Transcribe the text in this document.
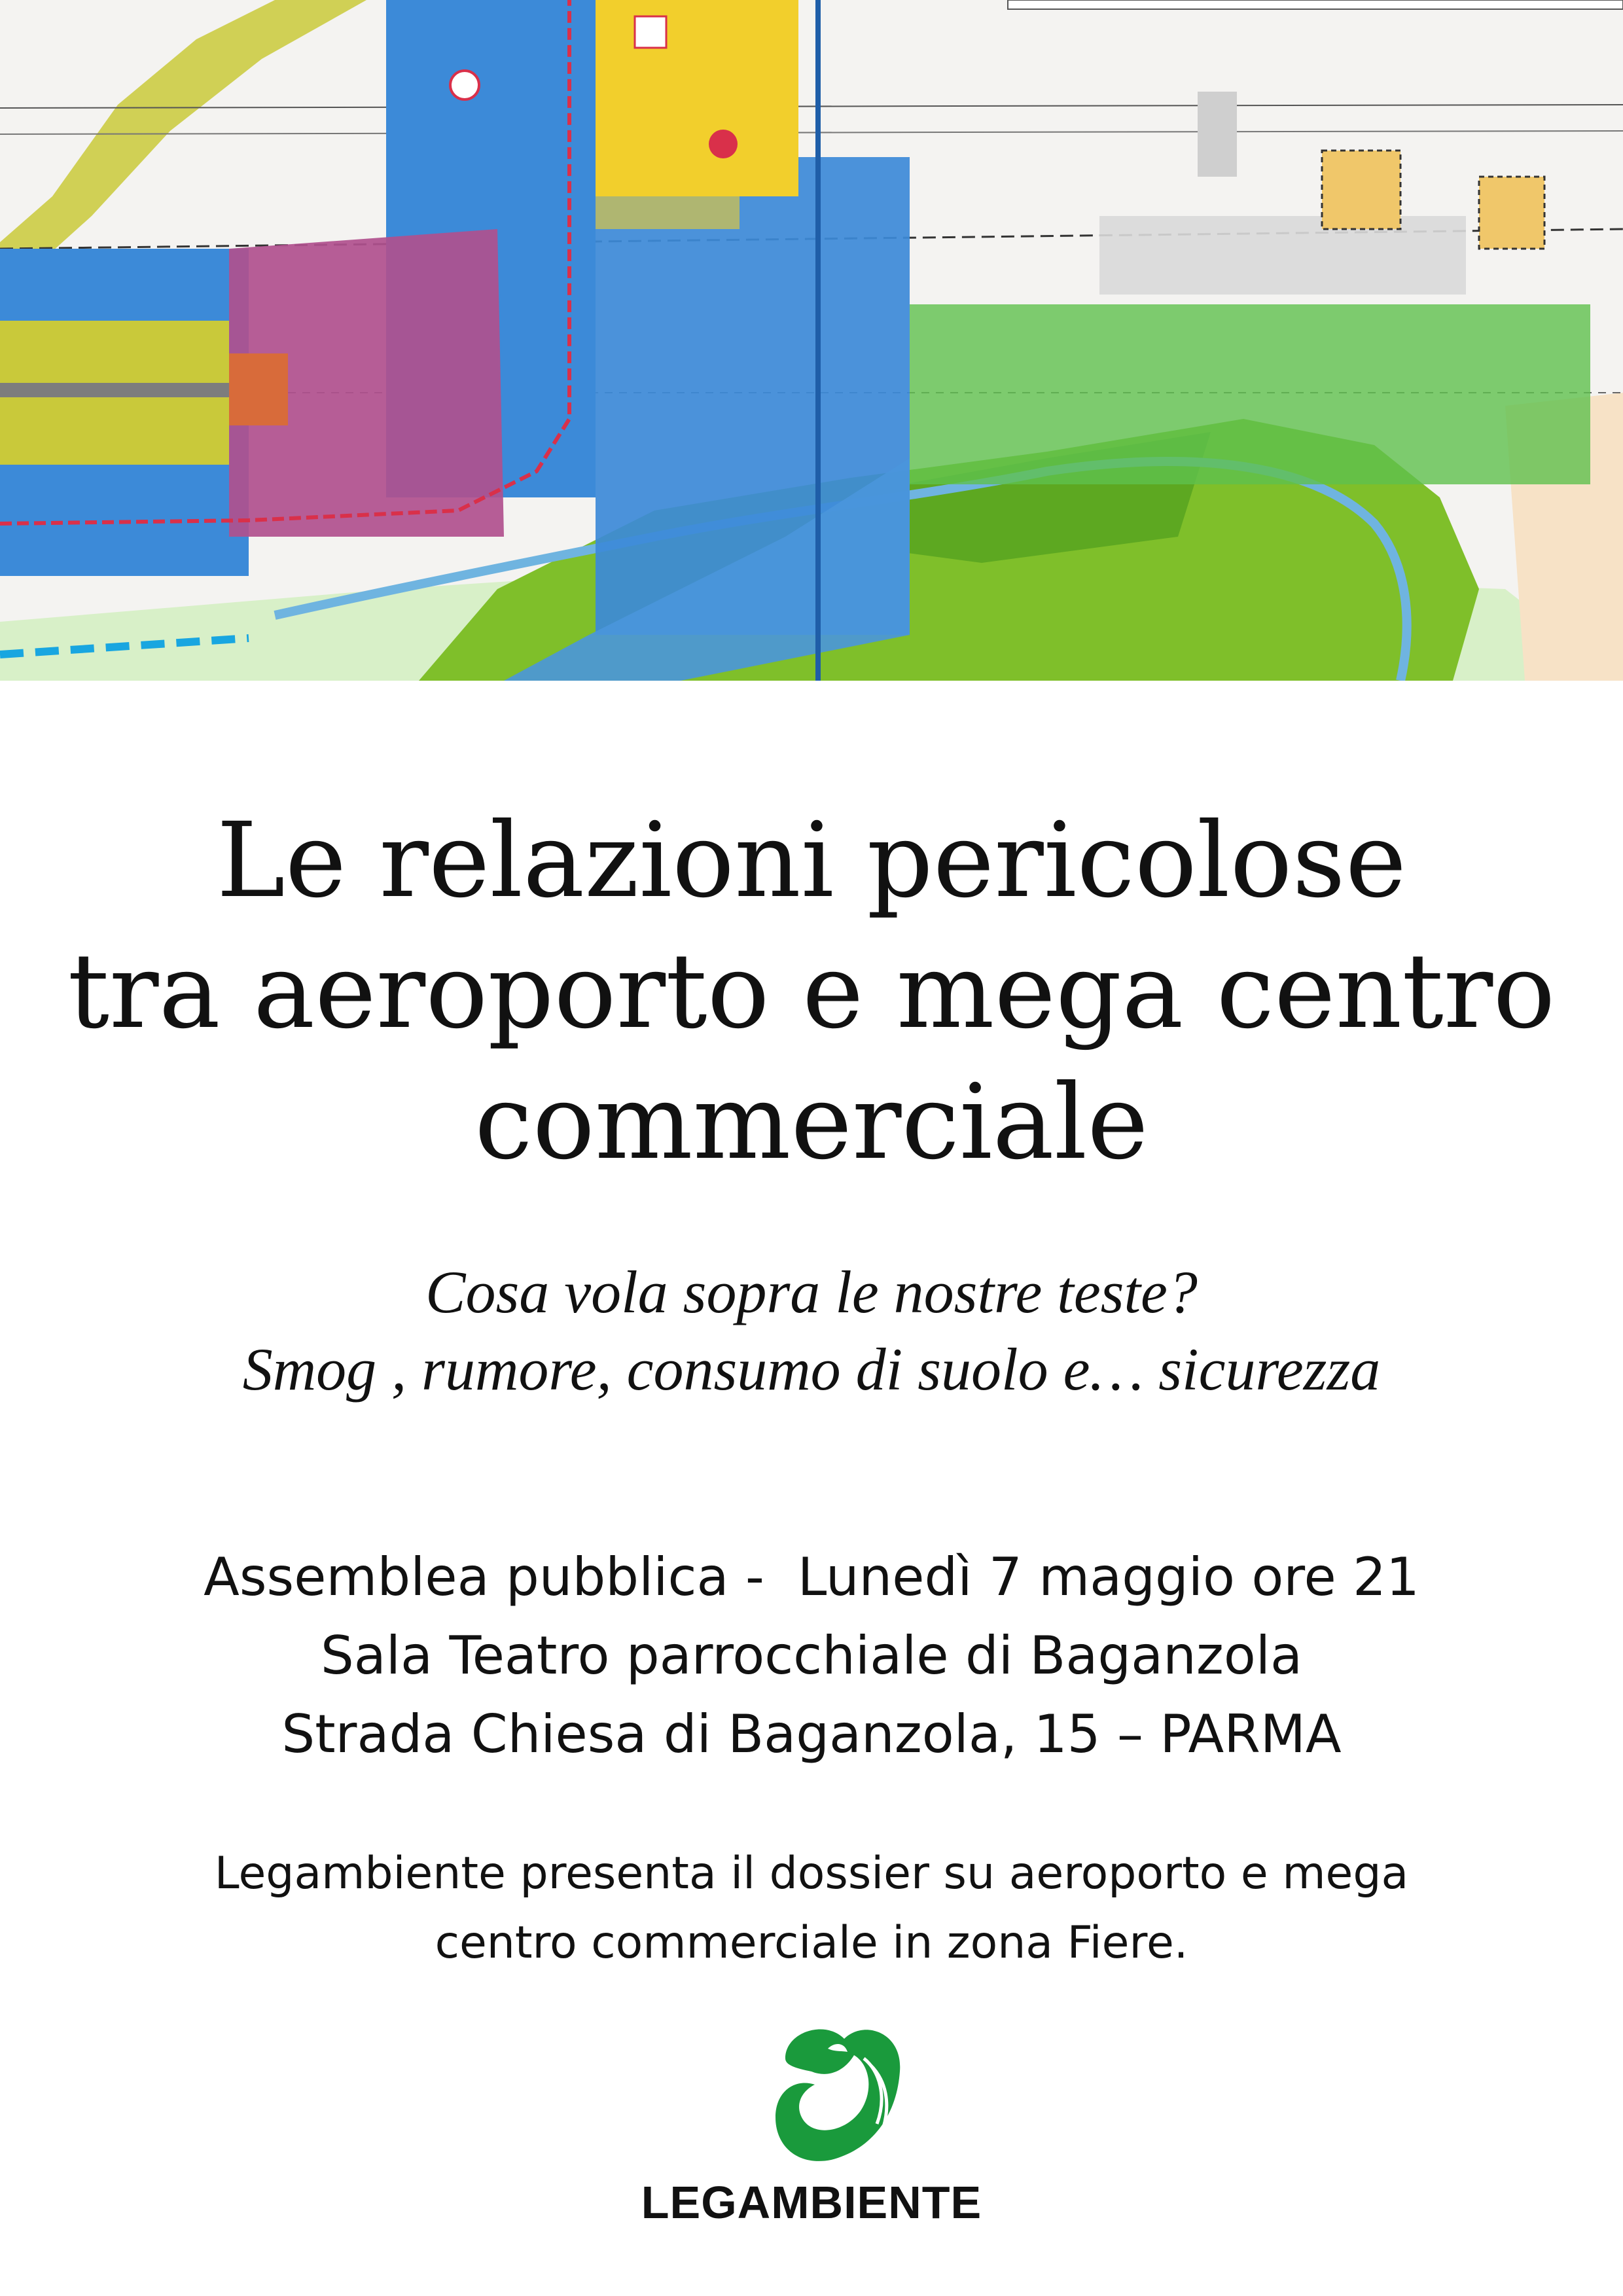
Le relazioni pericolose
tra aeroporto e mega centro
commerciale
Cosa vola sopra le nostre teste?
Smog , rumore, consumo di suolo e… sicurezza
Assemblea pubblica -  Lunedì 7 maggio ore 21
Sala Teatro parrocchiale di Baganzola
Strada Chiesa di Baganzola, 15 – PARMA
Legambiente presenta il dossier su aeroporto e mega
centro commerciale in zona Fiere.
LEGAMBIENTE
